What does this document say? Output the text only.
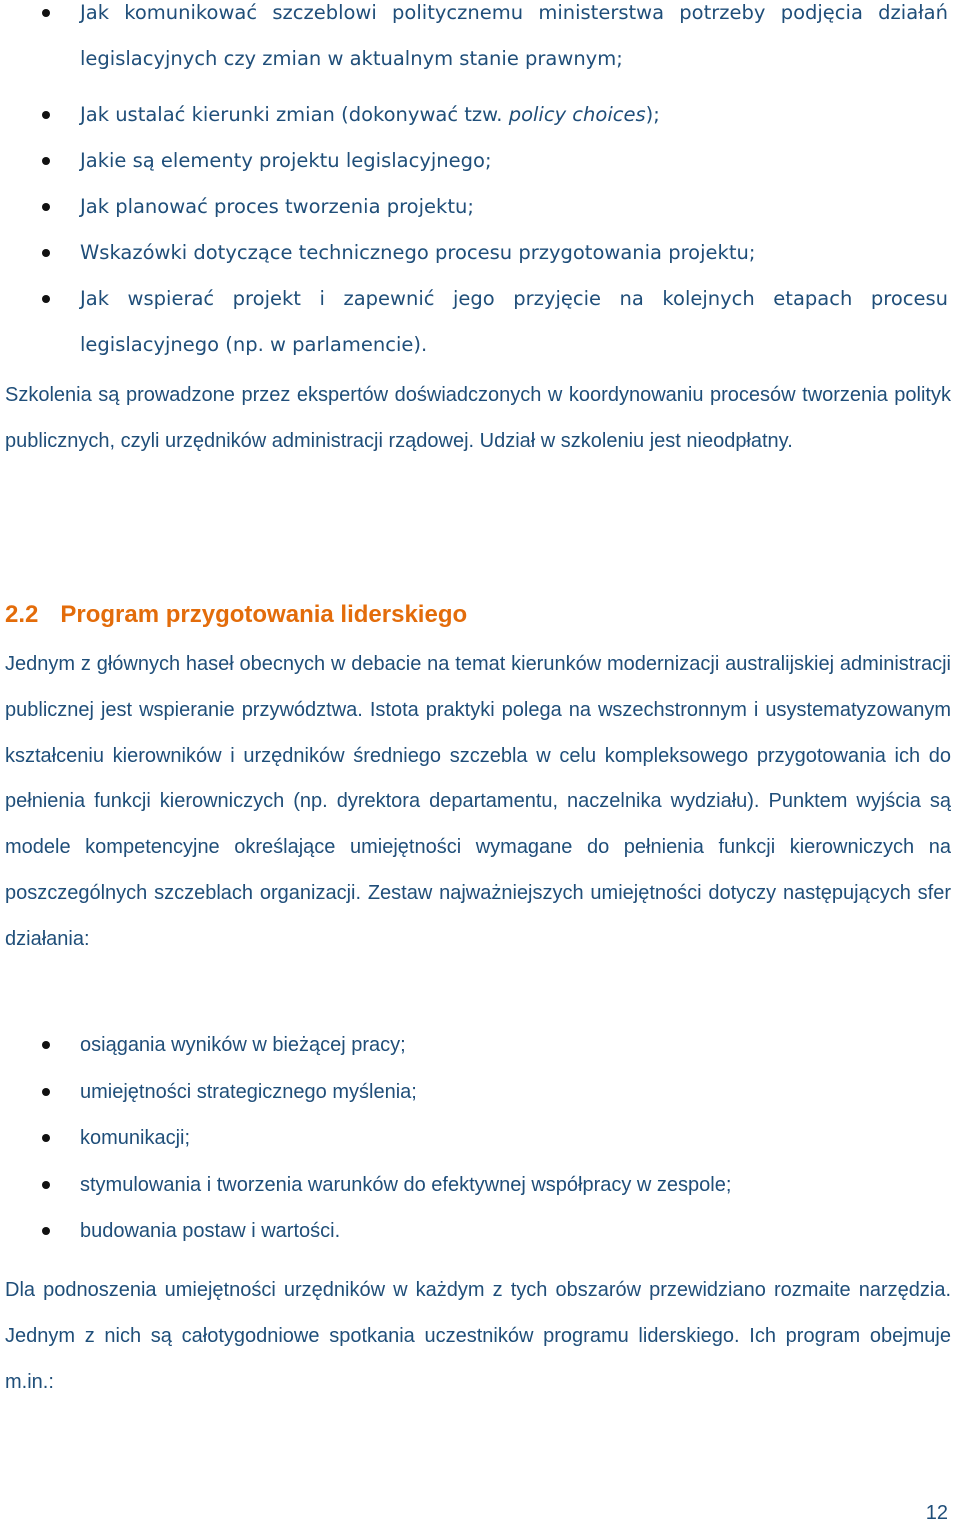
Jak komunikować szczeblowi politycznemu ministerstwa potrzeby podjęcia działań
legislacyjnych czy zmian w aktualnym stanie prawnym;
Jak ustalać kierunki zmian (dokonywać tzw. policy choices);
Jakie są elementy projektu legislacyjnego;
Jak planować proces tworzenia projektu;
Wskazówki dotyczące technicznego procesu przygotowania projektu;
Jak wspierać projekt i zapewnić jego przyjęcie na kolejnych etapach procesu
legislacyjnego (np. w parlamencie).

Szkolenia są prowadzone przez ekspertów doświadczonych w koordynowaniu procesów tworzenia polityk publicznych, czyli urzędników administracji rządowej. Udział w szkoleniu jest nieodpłatny.

2.2 Program przygotowania liderskiego

Jednym z głównych haseł obecnych w debacie na temat kierunków modernizacji australijskiej administracji publicznej jest wspieranie przywództwa. Istota praktyki polega na wszechstronnym i usystematyzowanym kształceniu kierowników i urzędników średniego szczebla w celu kompleksowego przygotowania ich do pełnienia funkcji kierowniczych (np. dyrektora departamentu, naczelnika wydziału). Punktem wyjścia są modele kompetencyjne określające umiejętności wymagane do pełnienia funkcji kierowniczych na poszczególnych szczeblach organizacji. Zestaw najważniejszych umiejętności dotyczy następujących sfer działania:

osiągania wyników w bieżącej pracy;
umiejętności strategicznego myślenia;
komunikacji;
stymulowania i tworzenia warunków do efektywnej współpracy w zespole;
budowania postaw i wartości.

Dla podnoszenia umiejętności urzędników w każdym z tych obszarów przewidziano rozmaite narzędzia. Jednym z nich są całotygodniowe spotkania uczestników programu liderskiego. Ich program obejmuje m.in.:

12
